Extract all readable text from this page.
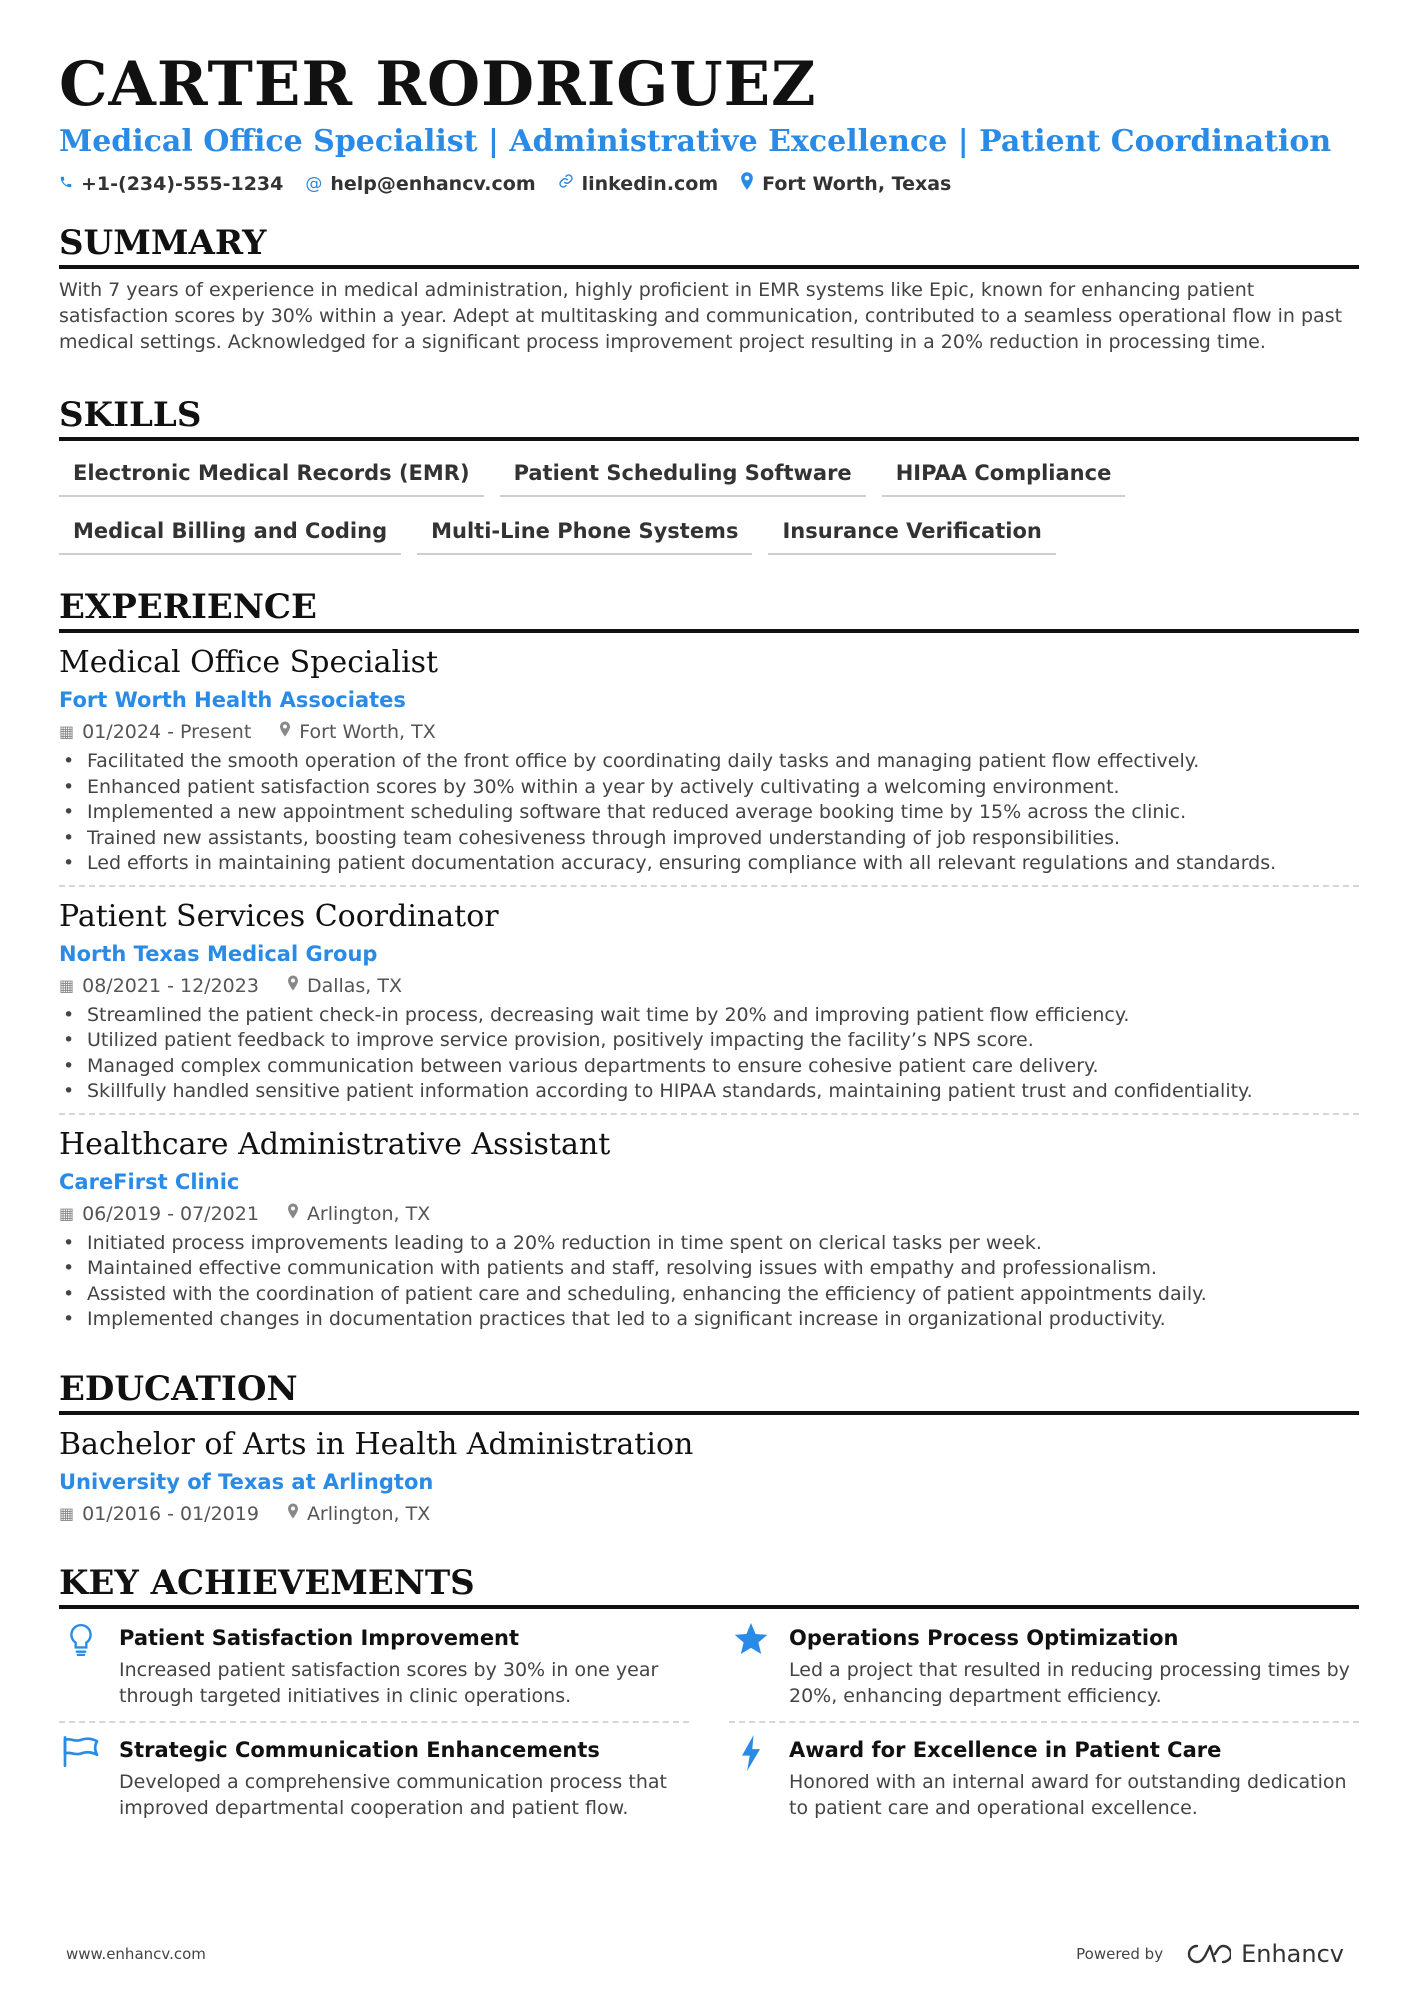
CARTER RODRIGUEZ
Medical Office Specialist | Administrative Excellence | Patient Coordination
+1-(234)-555-1234 @ help@enhancv.com linkedin.com Fort Worth, Texas
SUMMARY
With 7 years of experience in medical administration, highly proficient in EMR systems like Epic, known for enhancing patient satisfaction scores by 30% within a year. Adept at multitasking and communication, contributed to a seamless operational flow in past medical settings. Acknowledged for a significant process improvement project resulting in a 20% reduction in processing time.
SKILLS
Electronic Medical Records (EMR)	Patient Scheduling Software	HIPAA Compliance
Medical Billing and Coding	Multi-Line Phone Systems	Insurance Verification
EXPERIENCE
Medical Office Specialist
Fort Worth Health Associates
▦ 01/2024 - Present	Fort Worth, TX
• Facilitated the smooth operation of the front office by coordinating daily tasks and managing patient flow effectively.
• Enhanced patient satisfaction scores by 30% within a year by actively cultivating a welcoming environment.
• Implemented a new appointment scheduling software that reduced average booking time by 15% across the clinic.
• Trained new assistants, boosting team cohesiveness through improved understanding of job responsibilities.
• Led efforts in maintaining patient documentation accuracy, ensuring compliance with all relevant regulations and standards.
Patient Services Coordinator
North Texas Medical Group
▦ 08/2021 - 12/2023	Dallas, TX
• Streamlined the patient check-in process, decreasing wait time by 20% and improving patient flow efficiency.
• Utilized patient feedback to improve service provision, positively impacting the facility’s NPS score.
• Managed complex communication between various departments to ensure cohesive patient care delivery.
• Skillfully handled sensitive patient information according to HIPAA standards, maintaining patient trust and confidentiality.
Healthcare Administrative Assistant
CareFirst Clinic
▦ 06/2019 - 07/2021	Arlington, TX
• Initiated process improvements leading to a 20% reduction in time spent on clerical tasks per week.
• Maintained effective communication with patients and staff, resolving issues with empathy and professionalism.
• Assisted with the coordination of patient care and scheduling, enhancing the efficiency of patient appointments daily.
• Implemented changes in documentation practices that led to a significant increase in organizational productivity.
EDUCATION
Bachelor of Arts in Health Administration
University of Texas at Arlington
▦ 01/2016 - 01/2019	Arlington, TX
KEY ACHIEVEMENTS
Patient Satisfaction Improvement
Increased patient satisfaction scores by 30% in one year through targeted initiatives in clinic operations.
Operations Process Optimization
Led a project that resulted in reducing processing times by 20%, enhancing department efficiency.
Strategic Communication Enhancements
Developed a comprehensive communication process that improved departmental cooperation and patient flow.
Award for Excellence in Patient Care
Honored with an internal award for outstanding dedication to patient care and operational excellence.
www.enhancv.com	Powered by	Enhancv
